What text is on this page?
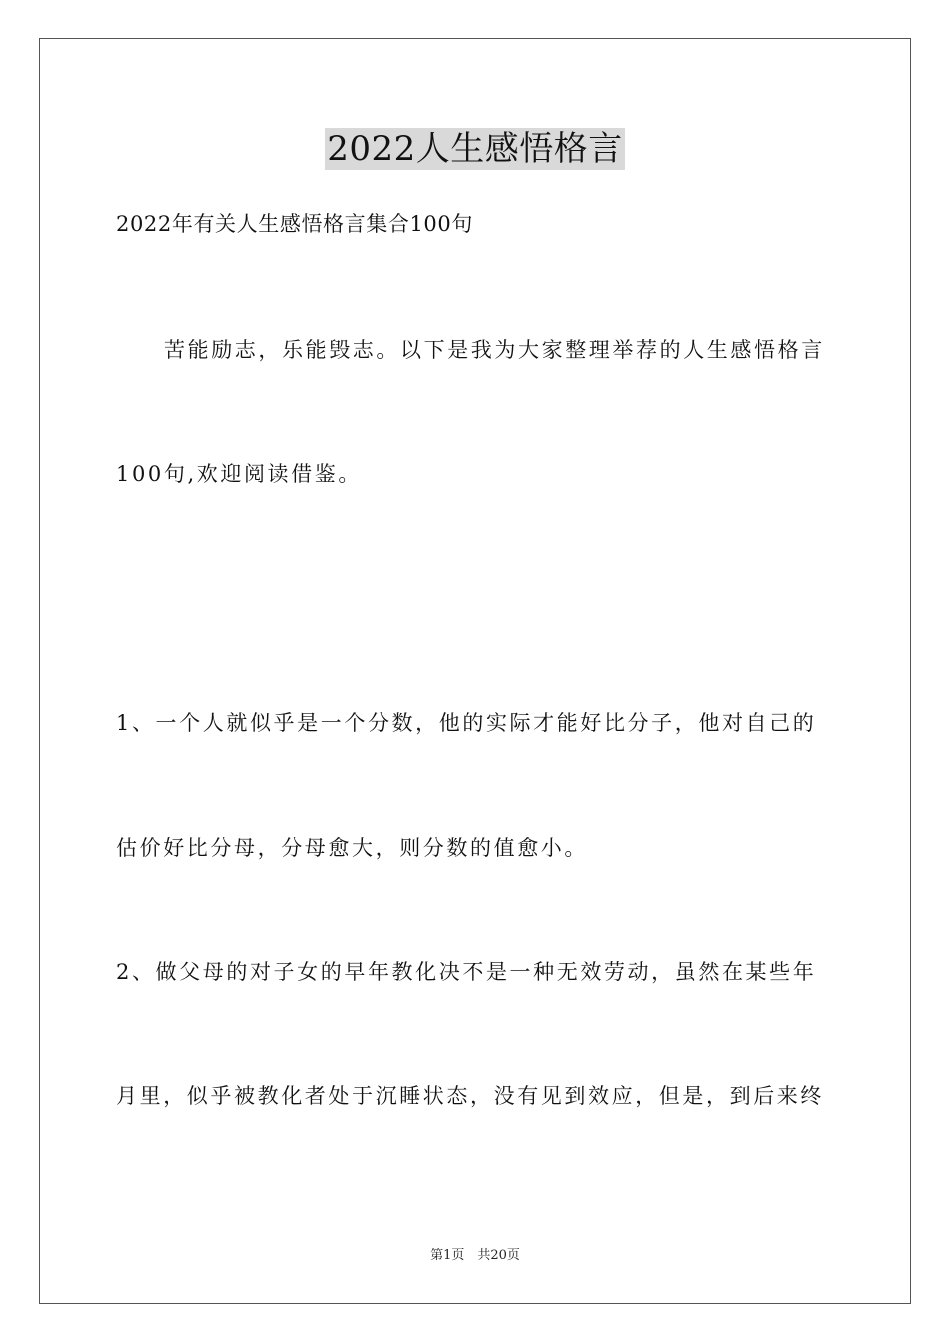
2022人生感悟格言
2022年有关人生感悟格言集合100句
苦能励志，乐能毁志。以下是我为大家整理举荐的人生感悟格言
100句,欢迎阅读借鉴。
1、一个人就似乎是一个分数，他的实际才能好比分子，他对自己的
估价好比分母，分母愈大，则分数的值愈小。
2、做父母的对子女的早年教化决不是一种无效劳动，虽然在某些年
月里，似乎被教化者处于沉睡状态，没有见到效应，但是，到后来终
第1页　共20页
